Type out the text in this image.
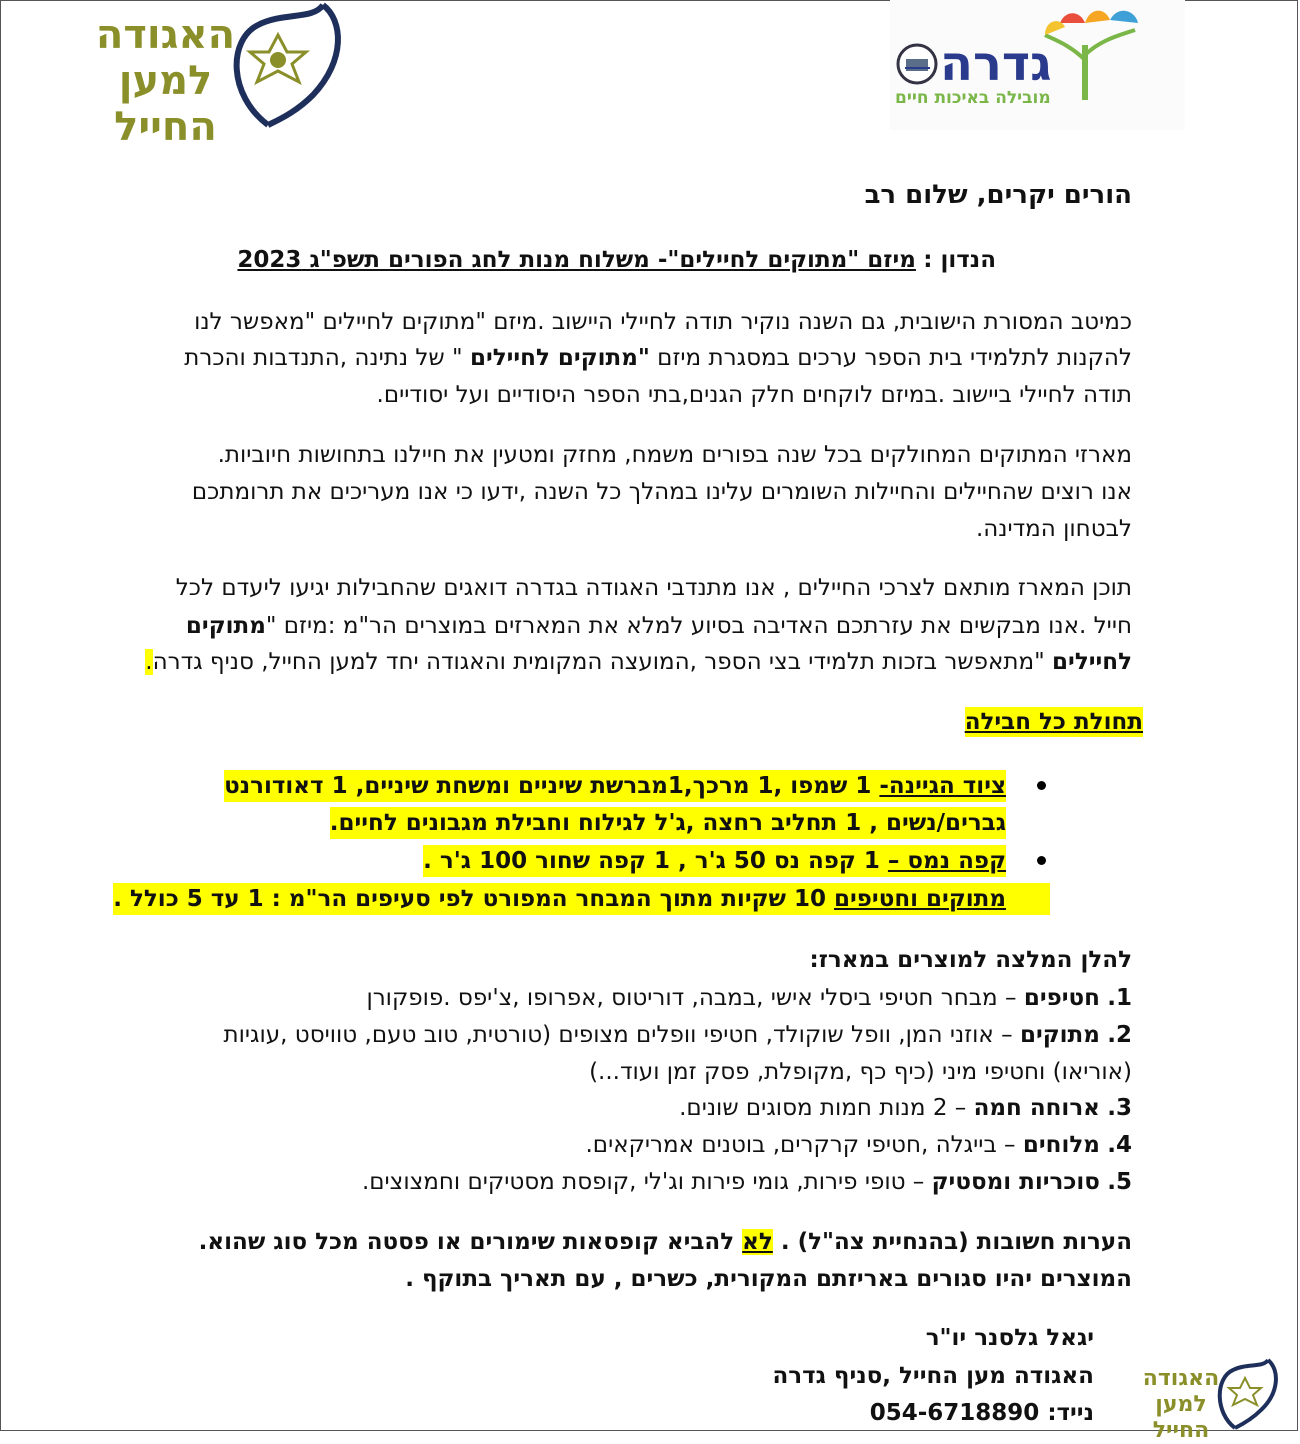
האגודה למען החייל
גדרה
מובילה באיכות חיים
הורים יקרים, שלום רב
הנדון : מיזם "מתוקים לחיילים"- משלוח מנות לחג הפורים תשפ"ג 2023
כמיטב המסורת הישובית, גם השנה נוקיר תודה לחיילי היישוב .מיזם "מתוקים לחיילים "מאפשר לנו
להקנות לתלמידי בית הספר ערכים במסגרת מיזם "מתוקים לחיילים " של נתינה ,התנדבות והכרת
תודה לחיילי ביישוב .במיזם לוקחים חלק הגנים,בתי הספר היסודיים ועל יסודיים.
מארזי המתוקים המחולקים בכל שנה בפורים משמח, מחזק ומטעין את חיילנו בתחושות חיוביות.
אנו רוצים שהחיילים והחיילות השומרים עלינו במהלך כל השנה ,ידעו כי אנו מעריכים את תרומתכם
לבטחון המדינה.
תוכן המארז מותאם לצרכי החיילים , אנו מתנדבי האגודה בגדרה דואגים שהחבילות יגיעו ליעדם לכל
חייל .אנו מבקשים את עזרתכם האדיבה בסיוע למלא את המארזים במוצרים הר"מ :מיזם "מתוקים
לחיילים "מתאפשר בזכות תלמידי בצי הספר ,המועצה המקומית והאגודה יחד למען החייל, סניף גדרה.
תחולת כל חבילה
ציוד הגיינה- 1 שמפו ,1 מרכך,1מברשת שיניים ומשחת שיניים, 1 דאודורנט
גברים/נשים , 1 תחליב רחצה ,ג'ל לגילוח וחבילת מגבונים לחיים.
קפה נמס – 1 קפה נס 50 ג'ר , 1 קפה שחור 100 ג'ר .
מתוקים וחטיפים 10 שקיות מתוך המבחר המפורט לפי סעיפים הר"מ : 1 עד 5 כולל .
להלן המלצה למוצרים במארז:
1. חטיפים – מבחר חטיפי ביסלי אישי ,במבה, דוריטוס ,אפרופו ,צ'יפס .פופקורן
2. מתוקים – אוזני המן, וופל שוקולד, חטיפי וופלים מצופים (טורטית, טוב טעם, טוויסט ,עוגיות
(אוריאו) וחטיפי מיני (כיף כף ,מקופלת, פסק זמן ועוד...)
3. ארוחה חמה – 2 מנות חמות מסוגים שונים.
4. מלוחים – בייגלה ,חטיפי קרקרים, בוטנים אמריקאים.
5. סוכריות ומסטיק – טופי פירות, גומי פירות וג'לי ,קופסת מסטיקים וחמצוצים.
הערות חשובות (בהנחיית צה"ל) . לא להביא קופסאות שימורים או פסטה מכל סוג שהוא.
המוצרים יהיו סגורים באריזתם המקורית, כשרים , עם תאריך בתוקף .
יגאל גלסנר יו"ר
האגודה מען החייל ,סניף גדרה
נייד: 054-6718890
האגודה למען החייל
